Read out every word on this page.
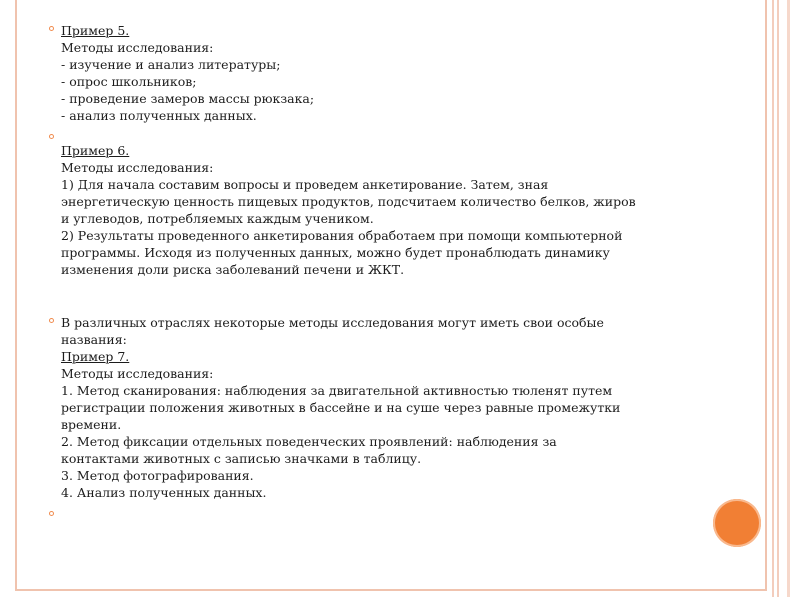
Пример 5.
Методы исследования:
- изучение и анализ литературы;
- опрос школьников;
- проведение замеров массы рюкзака;
- анализ полученных данных.
Пример 6.
Методы исследования:
1) Для начала составим вопросы и проведем анкетирование. Затем, зная
энергетическую ценность пищевых продуктов, подсчитаем количество белков, жиров
и углеводов, потребляемых каждым учеником.
2) Результаты проведенного анкетирования обработаем при помощи компьютерной
программы. Исходя из полученных данных, можно будет пронаблюдать динамику
изменения доли риска заболеваний печени и ЖКТ.
В различных отраслях некоторые методы исследования могут иметь свои особые
названия:
Пример 7.
Методы исследования:
1. Метод сканирования: наблюдения за двигательной активностью тюленят путем
регистрации положения животных в бассейне и на суше через равные промежутки
времени.
2. Метод фиксации отдельных поведенческих проявлений: наблюдения за
контактами животных с записью значками в таблицу.
3. Метод фотографирования.
4. Анализ полученных данных.
